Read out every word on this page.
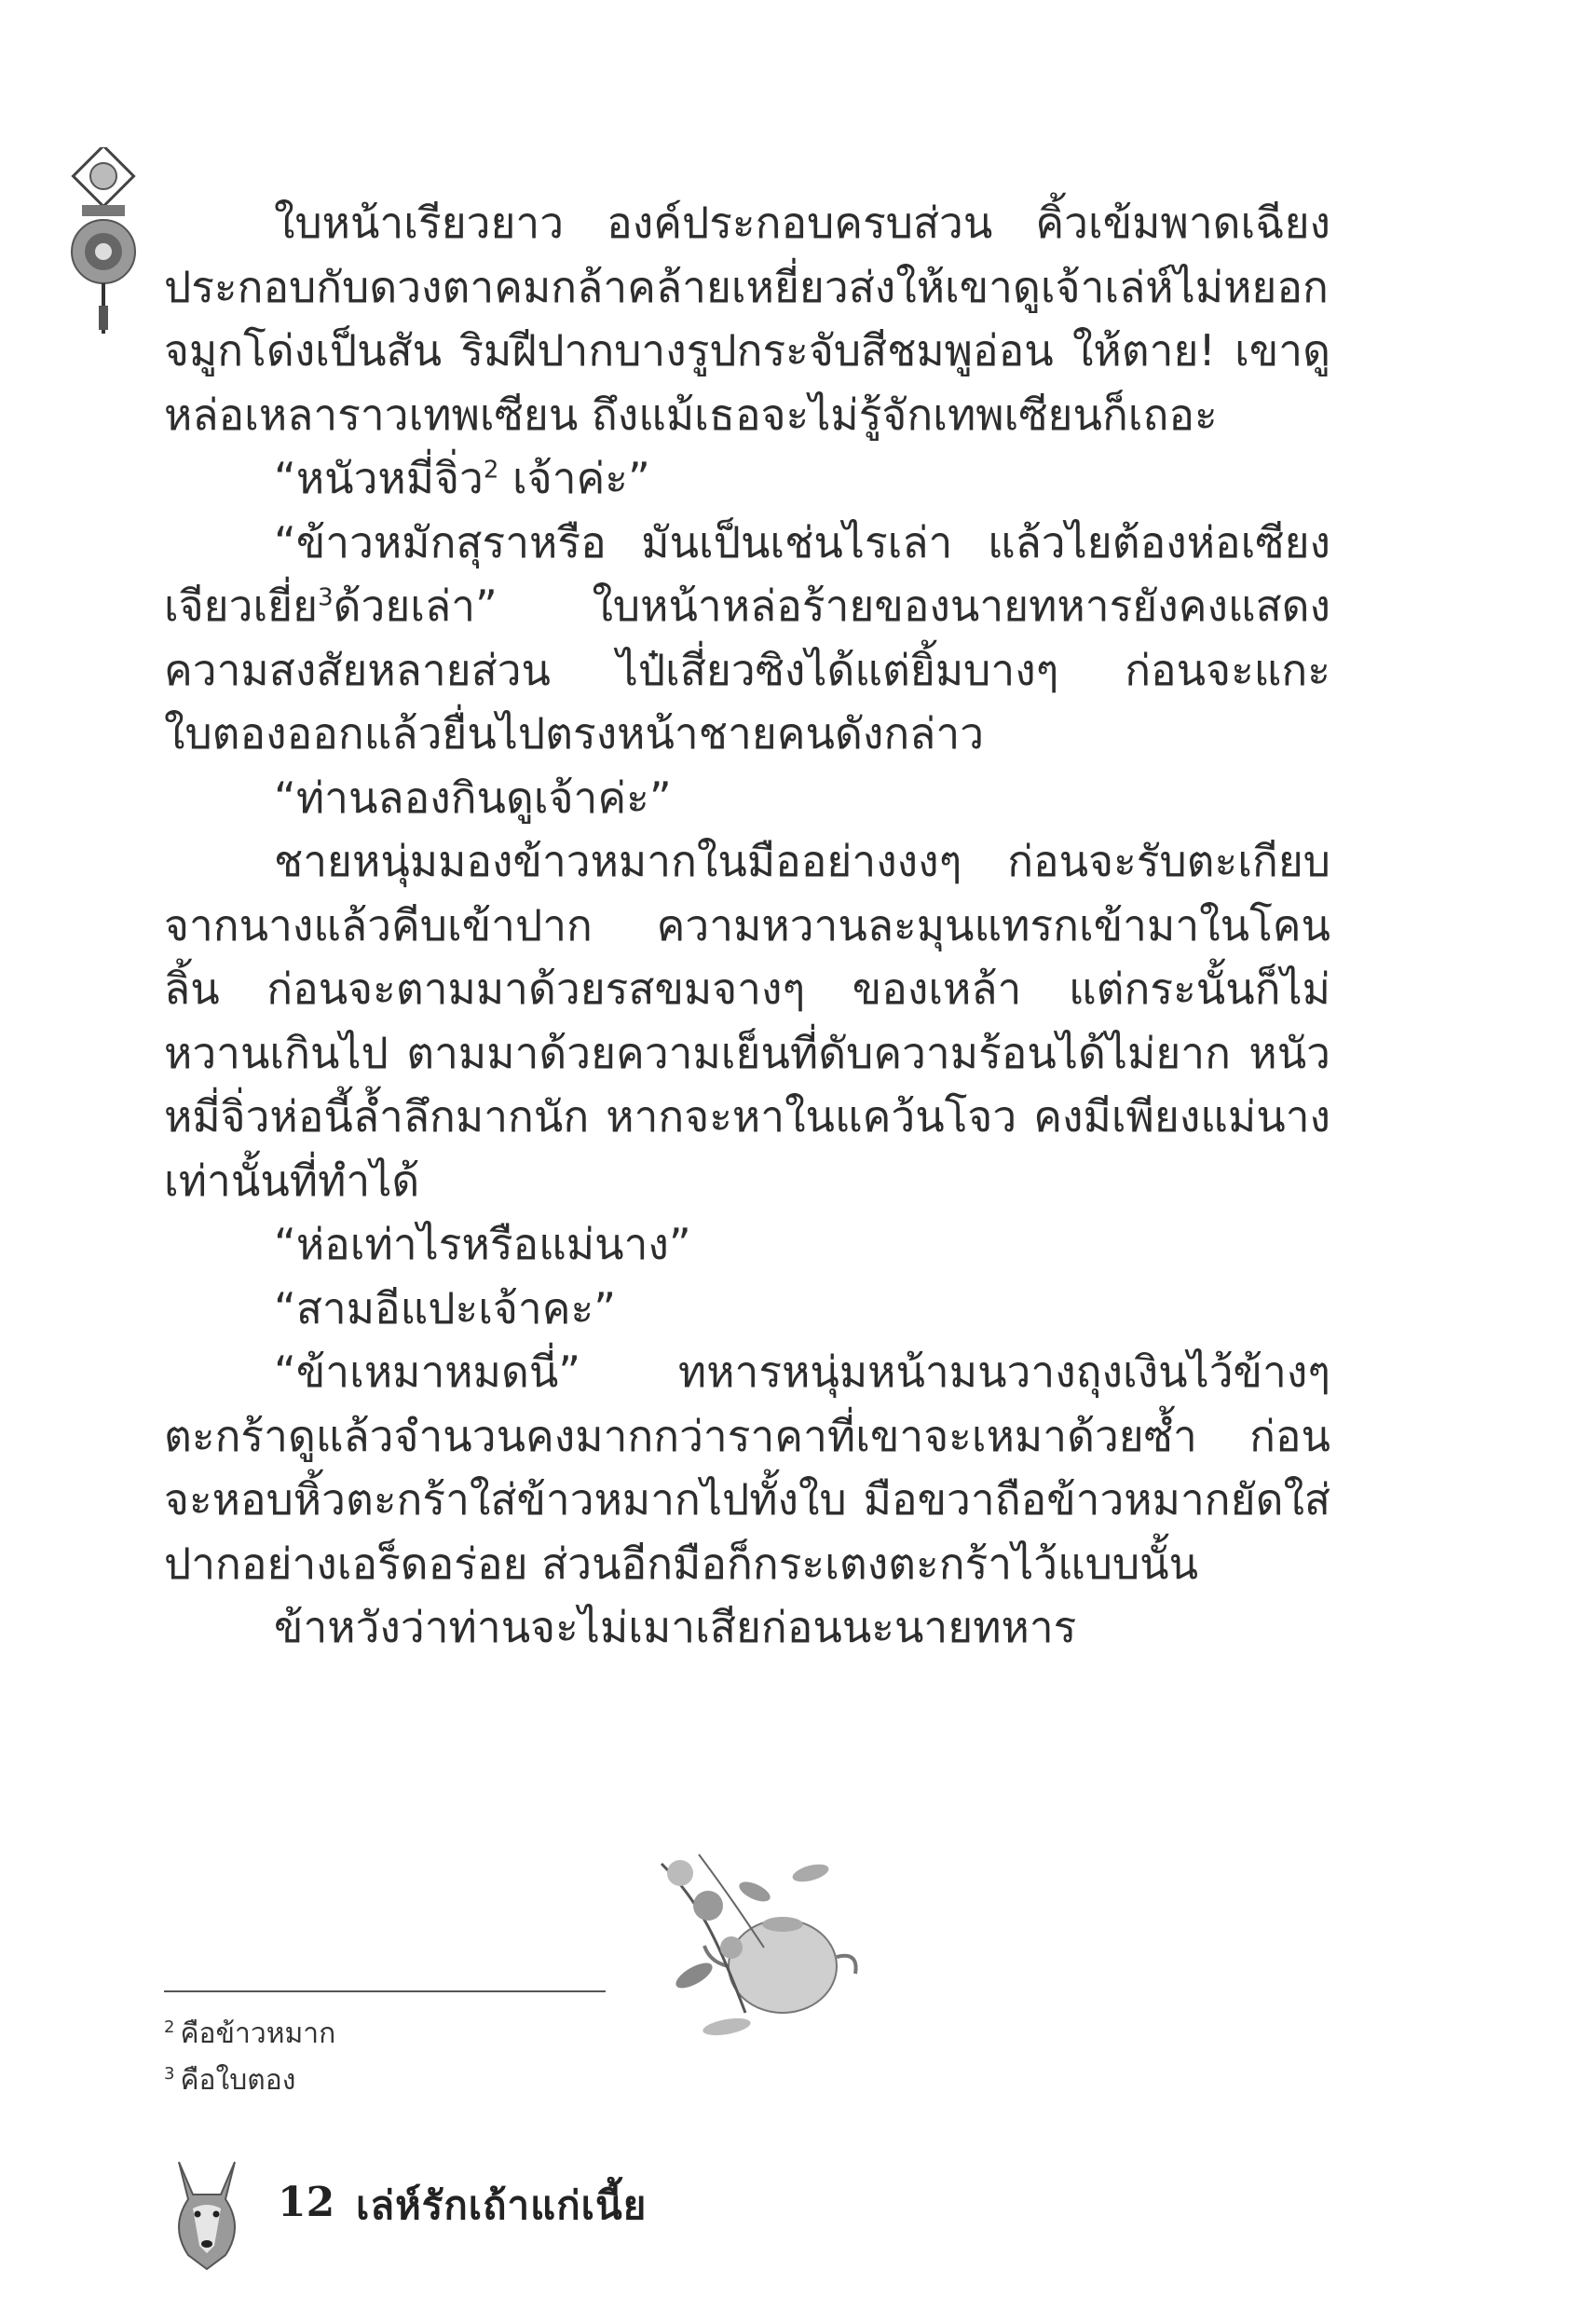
ใบหน้าเรียวยาว องค์ประกอบครบส่วน คิ้วเข้มพาดเฉียงประกอบกับดวงตาคมกล้าคล้ายเหยี่ยวส่งให้เขาดูเจ้าเล่ห์ไม่หยอก จมูกโด่งเป็นสัน ริมฝีปากบางรูปกระจับสีชมพูอ่อน ให้ตาย! เขาดูหล่อเหลาราวเทพเซียน ถึงแม้เธอจะไม่รู้จักเทพเซียนก็เถอะ

“หนัวหมี่จิ่ว$^2$ เจ้าค่ะ”

“ข้าวหมักสุราหรือ มันเป็นเช่นไรเล่า แล้วไยต้องห่อเซียงเจียวเยี่ย$^3$ด้วยเล่า” ใบหน้าหล่อร้ายของนายทหารยังคงแสดงความสงสัยหลายส่วน ไป๋เสี่ยวซิงได้แต่ยิ้มบางๆ ก่อนจะแกะใบตองออกแล้วยื่นไปตรงหน้าชายคนดังกล่าว

“ท่านลองกินดูเจ้าค่ะ”

ชายหนุ่มมองข้าวหมากในมืออย่างงงๆ ก่อนจะรับตะเกียบจากนางแล้วคีบเข้าปาก ความหวานละมุนแทรกเข้ามาในโคนลิ้น ก่อนจะตามมาด้วยรสขมจางๆ ของเหล้า แต่กระนั้นก็ไม่หวานเกินไป ตามมาด้วยความเย็นที่ดับความร้อนได้ไม่ยาก หนัวหมี่จิ่วห่อนี้ล้ำลึกมากนัก หากจะหาในแคว้นโจว คงมีเพียงแม่นางเท่านั้นที่ทำได้

“ห่อเท่าไรหรือแม่นาง”

“สามอีแปะเจ้าคะ”

“ข้าเหมาหมดนี่” ทหารหนุ่มหน้ามนวางถุงเงินไว้ข้างๆ ตะกร้าดูแล้วจำนวนคงมากกว่าราคาที่เขาจะเหมาด้วยซ้ำ ก่อนจะหอบหิ้วตะกร้าใส่ข้าวหมากไปทั้งใบ มือขวาถือข้าวหมากยัดใส่ปากอย่างเอร็ดอร่อย ส่วนอีกมือก็กระเตงตะกร้าไว้แบบนั้น

ข้าหวังว่าท่านจะไม่เมาเสียก่อนนะนายทหาร

$^2$ คือข้าวหมาก
$^3$ คือใบตอง
12 เล่ห์รักเถ้าแก่เนี้ย
